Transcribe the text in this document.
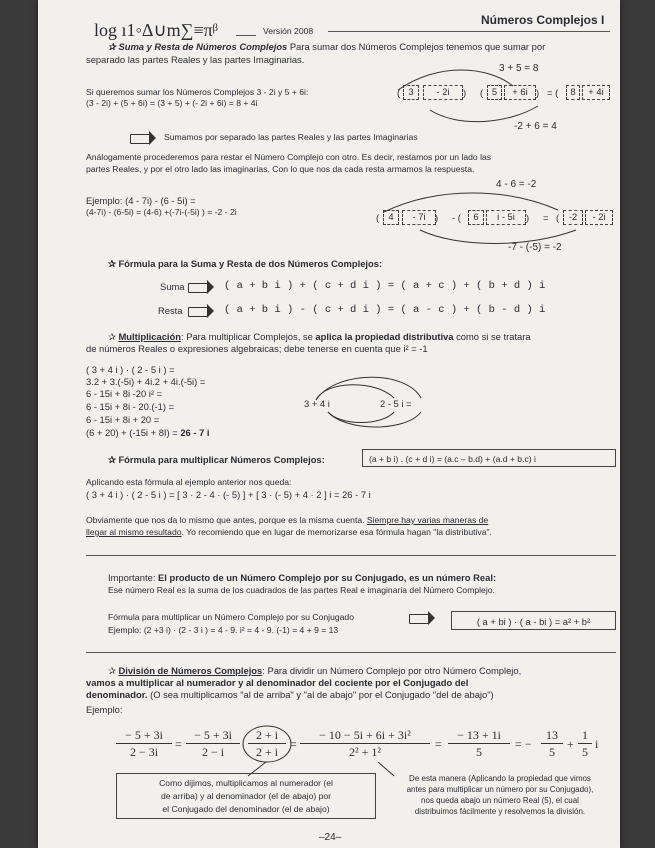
log ı1◦Δ∪m∑≡πᵝ	Versión 2008
Números Complejos I
✰ Suma y Resta de Números Complejos Para sumar dos Números Complejos tenemos que sumar por
separado las partes Reales y las partes Imaginarias.
3 + 5 = 8
Si queremos sumar los Números Complejos 3 - 2i y 5 + 6i:
(3 - 2i) + (5 + 6i) = (3 + 5) + (- 2i + 6i) = 8 + 4i
( 3	- 2i	) ( 5	+ 6i ) = (	8	+ 4i
-2 + 6 = 4
Sumamos por separado las partes Reales y las partes Imaginarias
Análogamente procederemos para restar el Número Complejo con otro. Es decir, restamos por un lado las
partes Reales, y por el otro lado las imaginarias. Con lo que nos da cada resta armamos la respuesta.
4 - 6 = -2
Ejemplo: (4 - 7i) - (6 - 5i) =
(4-7i) - (6-5i) = (4-6) +(-7i-(-5i) ) = -2 - 2i	( 4	- 7i	) - (	6	i - 5i	) = (	-2	- 2i
-7 - (-5) = -2
✰ Fórmula para la Suma y Resta de dos Números Complejos:
Suma	( a + b i ) + ( c + d i ) = ( a + c ) + ( b + d ) i
Resta	( a + b i ) - ( c + d i ) = ( a - c ) + ( b - d ) i
✰ Multiplicación: Para multiplicar Complejos, se aplica la propiedad distributiva como si se tratara
de números Reales o expresiones algebraicas; debe tenerse en cuenta que i² = -1
( 3 + 4 i ) · ( 2 - 5 i ) =
3.2 + 3.(-5i) + 4i.2 + 4i.(-5i) =
6 - 15i + 8i -20 i² =
6 - 15i + 8i - 20.(-1) =
6 - 15i + 8i + 20 =
(6 + 20) + (-15i + 8I) = 26 - 7 i
3 + 4 i	2 - 5 i =
✰ Fórmula para multiplicar Números Complejos:	(a + b i) . (c + d i) = (a.c – b.d) + (a.d + b.c) i
Aplicando esta fórmula al ejemplo anterior nos queda:
( 3 + 4 i ) · ( 2 - 5 i ) = [ 3 · 2 - 4 · (- 5) ] + [ 3 · (- 5) + 4 · 2 ] i = 26 - 7 i
Obviamente que nos da lo mismo que antes, porque es la misma cuenta. Siempre hay varias maneras de
llegar al mismo resultado. Yo recomiendo que en lugar de memorizarse esa fórmula hagan "la distributiva".
Importante: El producto de un Número Complejo por su Conjugado, es un número Real:
Ese número Real es la suma de los cuadrados de las partes Real e imaginaria del Número Complejo.
Fórmula para multiplicar un Número Complejo por su Conjugado
Ejemplo: (2 +3 i) · (2 - 3 i ) = 4 - 9. i² = 4 - 9. (-1) = 4 + 9 = 13
( a + bi ) · ( a - bi ) = a² + b²
✰ División de Números Complejos: Para dividir un Número Complejo por otro Número Complejo,
vamos a multiplicar al numerador y al denominador del cociente por el Conjugado del
denominador. (O sea multiplicamos "al de arriba" y "al de abajo" por el Conjugado "del de abajo")
Ejemplo:
− 5 + 3i
2 − 3i
=
− 5 + 3i
2 − i
2 + i
2 + i
=
− 10 − 5i + 6i + 3i²
2² + 1²
=
− 13 + 1i
5
= −
13
5
+
1
5
i
Como dijimos, multiplicamos al numerador (el
de arriba) y al denominador (el de abajo) por
el Conjugado del denominador (el de abajo)
De esta manera (Aplicando la propiedad que vimos
antes para multiplicar un número por su Conjugado),
nos queda abajo un número Real (5), el cual
distribuimos fácilmente y resolvemos la división.
–24–
